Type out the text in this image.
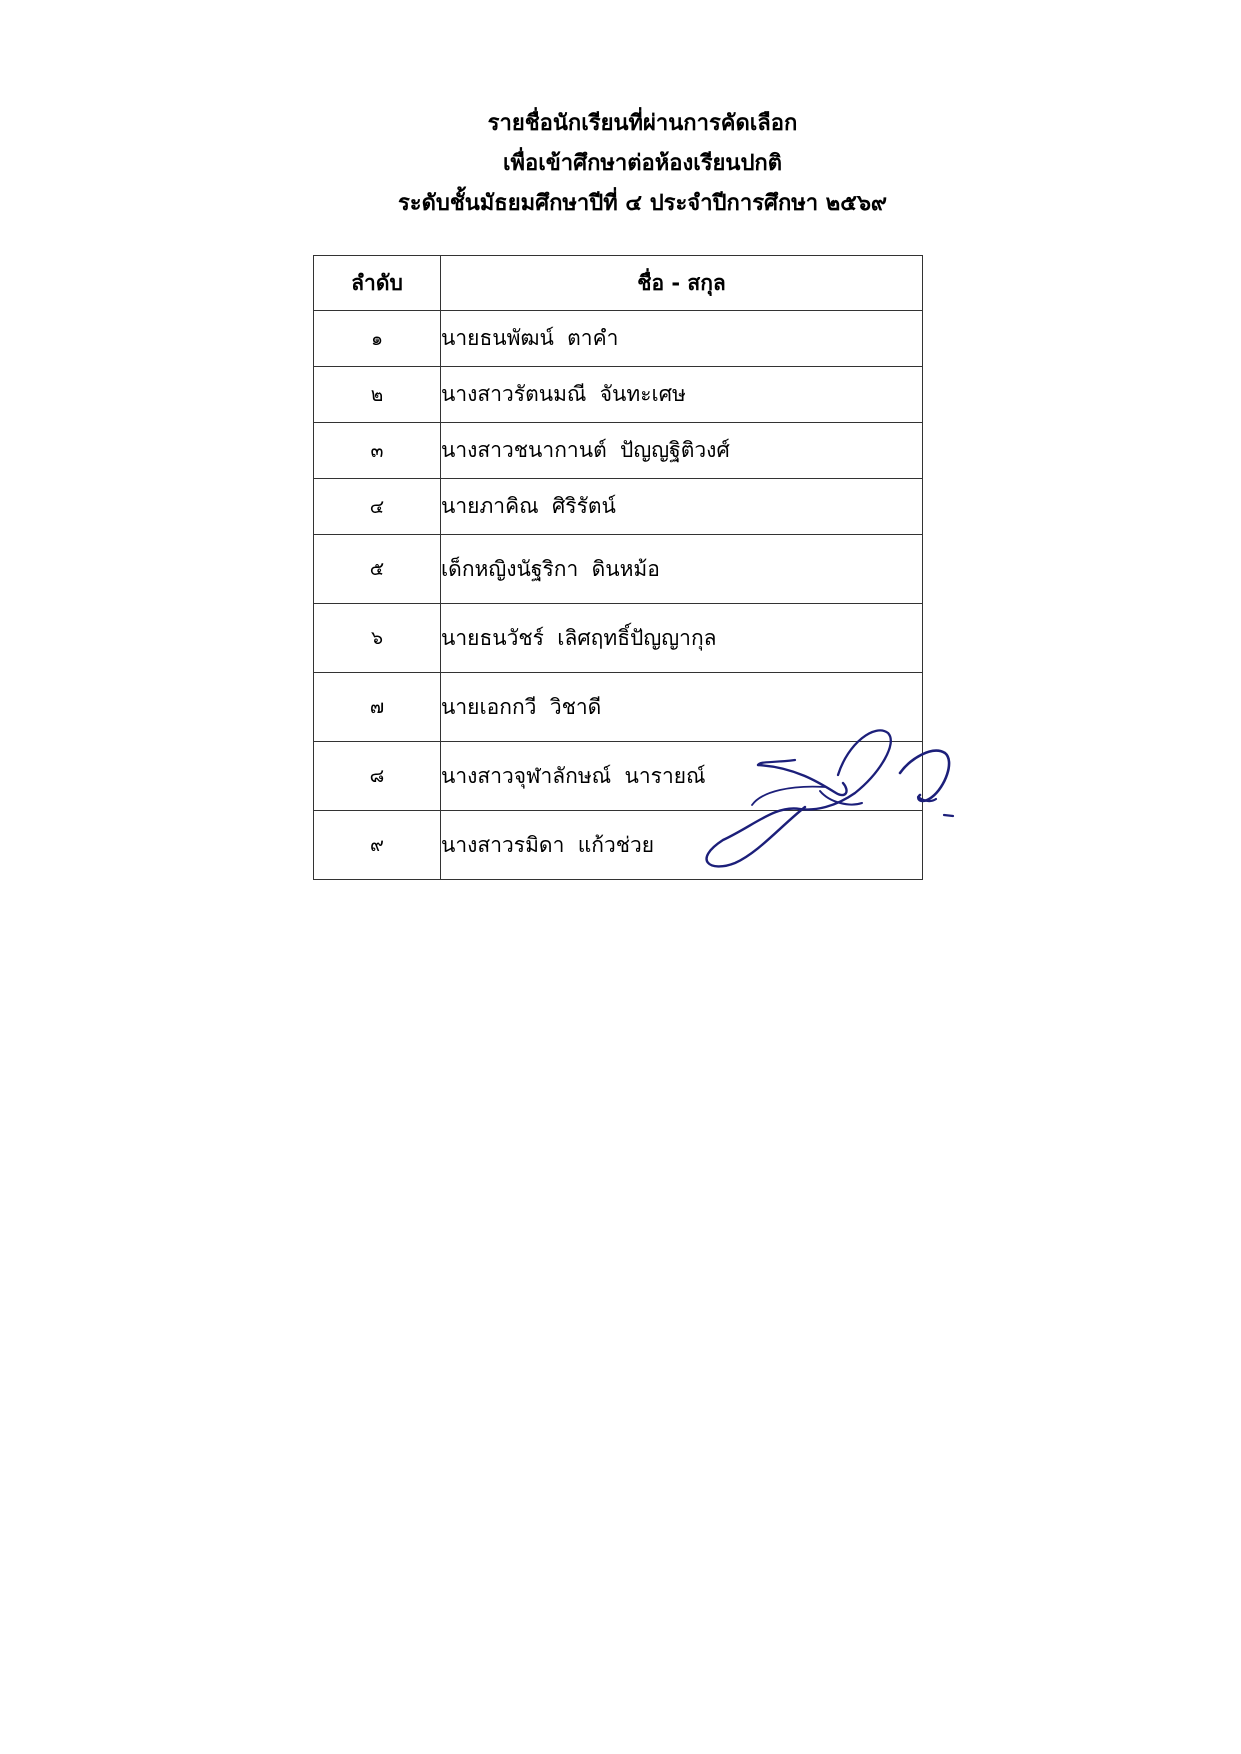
รายชื่อนักเรียนที่ผ่านการคัดเลือก
เพื่อเข้าศึกษาต่อห้องเรียนปกติ
ระดับชั้นมัธยมศึกษาปีที่ ๔ ประจำปีการศึกษา ๒๕๖๙
ลำดับ	ชื่อ - สกุล
๑	นายธนพัฒน์  ตาคำ
๒	นางสาวรัตนมณี  จันทะเศษ
๓	นางสาวชนากานต์  ปัญญฐิติวงศ์
๔	นายภาคิณ  ศิริรัตน์
๕	เด็กหญิงนัฐริกา  ดินหม้อ
๖	นายธนวัชร์  เลิศฤทธิ์ปัญญากุล
๗	นายเอกกวี  วิชาดี
๘	นางสาวจุฬาลักษณ์  นารายณ์
๙	นางสาวรมิดา  แก้วช่วย
